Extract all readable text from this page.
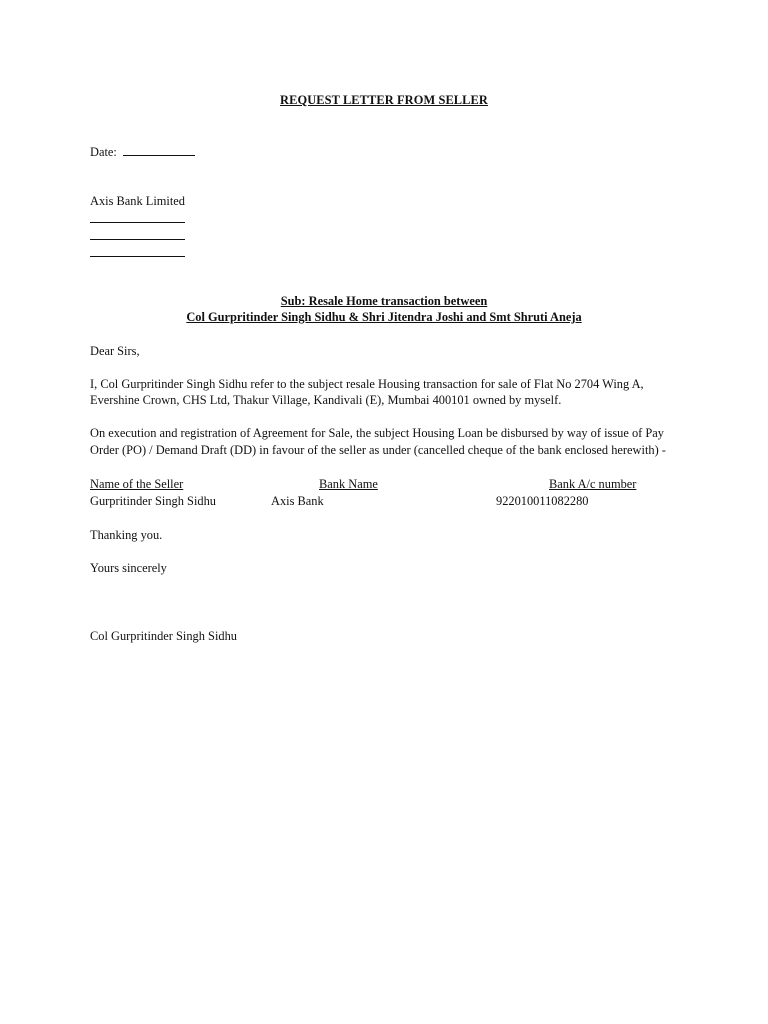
REQUEST LETTER FROM SELLER
Date:
Axis Bank Limited
Sub: Resale Home transaction between
Col Gurpritinder Singh Sidhu & Shri Jitendra Joshi and Smt Shruti Aneja
Dear Sirs,
I, Col Gurpritinder Singh Sidhu refer to the subject resale Housing transaction for sale of Flat No 2704 Wing A,
Evershine Crown, CHS Ltd, Thakur Village, Kandivali (E), Mumbai 400101 owned by myself.
On execution and registration of Agreement for Sale, the subject Housing Loan be disbursed by way of issue of Pay
Order (PO) / Demand Draft (DD) in favour of the seller as under (cancelled cheque of the bank enclosed herewith) -
Name of the Seller	Bank Name	Bank A/c number
Gurpritinder Singh Sidhu	Axis Bank	922010011082280
Thanking you.
Yours sincerely
Col Gurpritinder Singh Sidhu
